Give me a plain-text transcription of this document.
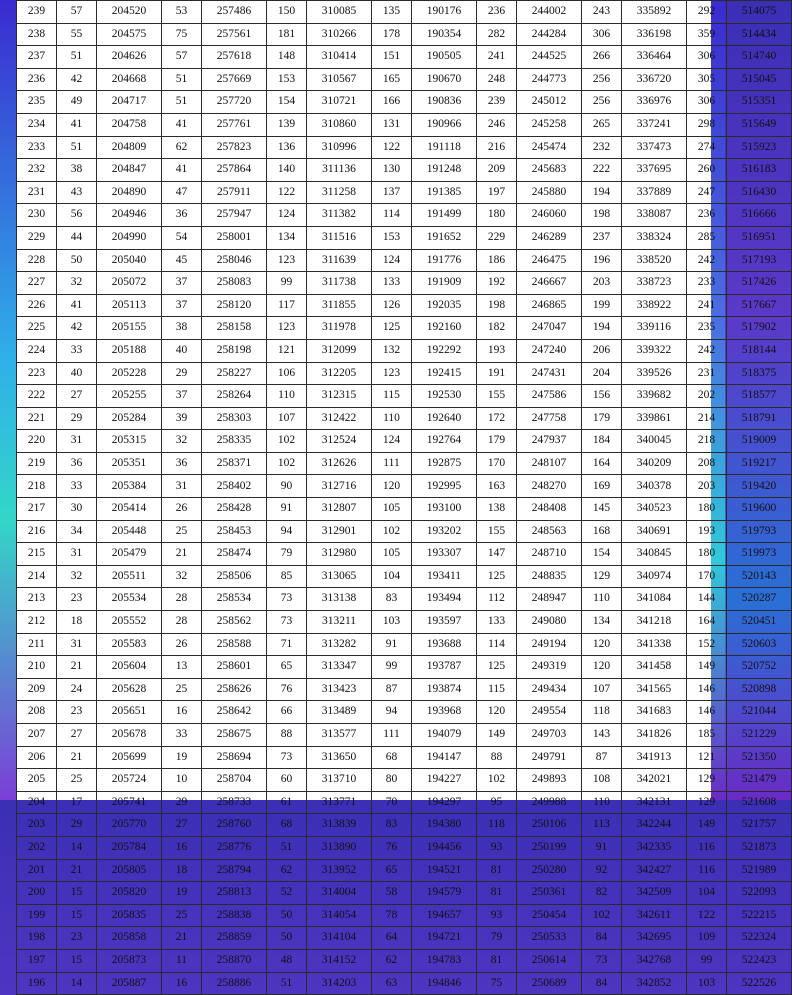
239	57	204520	53	257486	150	310085	135	190176	236	244002	243	335892	292	514075
238	55	204575	75	257561	181	310266	178	190354	282	244284	306	336198	359	514434
237	51	204626	57	257618	148	310414	151	190505	241	244525	266	336464	306	514740
236	42	204668	51	257669	153	310567	165	190670	248	244773	256	336720	305	515045
235	49	204717	51	257720	154	310721	166	190836	239	245012	256	336976	306	515351
234	41	204758	41	257761	139	310860	131	190966	246	245258	265	337241	298	515649
233	51	204809	62	257823	136	310996	122	191118	216	245474	232	337473	274	515923
232	38	204847	41	257864	140	311136	130	191248	209	245683	222	337695	260	516183
231	43	204890	47	257911	122	311258	137	191385	197	245880	194	337889	247	516430
230	56	204946	36	257947	124	311382	114	191499	180	246060	198	338087	236	516666
229	44	204990	54	258001	134	311516	153	191652	229	246289	237	338324	285	516951
228	50	205040	45	258046	123	311639	124	191776	186	246475	196	338520	242	517193
227	32	205072	37	258083	99	311738	133	191909	192	246667	203	338723	233	517426
226	41	205113	37	258120	117	311855	126	192035	198	246865	199	338922	241	517667
225	42	205155	38	258158	123	311978	125	192160	182	247047	194	339116	235	517902
224	33	205188	40	258198	121	312099	132	192292	193	247240	206	339322	242	518144
223	40	205228	29	258227	106	312205	123	192415	191	247431	204	339526	231	518375
222	27	205255	37	258264	110	312315	115	192530	155	247586	156	339682	202	518577
221	29	205284	39	258303	107	312422	110	192640	172	247758	179	339861	214	518791
220	31	205315	32	258335	102	312524	124	192764	179	247937	184	340045	218	519009
219	36	205351	36	258371	102	312626	111	192875	170	248107	164	340209	208	519217
218	33	205384	31	258402	90	312716	120	192995	163	248270	169	340378	203	519420
217	30	205414	26	258428	91	312807	105	193100	138	248408	145	340523	180	519600
216	34	205448	25	258453	94	312901	102	193202	155	248563	168	340691	193	519793
215	31	205479	21	258474	79	312980	105	193307	147	248710	154	340845	180	519973
214	32	205511	32	258506	85	313065	104	193411	125	248835	129	340974	170	520143
213	23	205534	28	258534	73	313138	83	193494	112	248947	110	341084	144	520287
212	18	205552	28	258562	73	313211	103	193597	133	249080	134	341218	164	520451
211	31	205583	26	258588	71	313282	91	193688	114	249194	120	341338	152	520603
210	21	205604	13	258601	65	313347	99	193787	125	249319	120	341458	149	520752
209	24	205628	25	258626	76	313423	87	193874	115	249434	107	341565	146	520898
208	23	205651	16	258642	66	313489	94	193968	120	249554	118	341683	146	521044
207	27	205678	33	258675	88	313577	111	194079	149	249703	143	341826	185	521229
206	21	205699	19	258694	73	313650	68	194147	88	249791	87	341913	121	521350
205	25	205724	10	258704	60	313710	80	194227	102	249893	108	342021	129	521479
204	17	205741	29	258733	61	313771	70	194297	95	249988	110	342131	129	521608
203	29	205770	27	258760	68	313839	83	194380	118	250106	113	342244	149	521757
202	14	205784	16	258776	51	313890	76	194456	93	250199	91	342335	116	521873
201	21	205805	18	258794	62	313952	65	194521	81	250280	92	342427	116	521989
200	15	205820	19	258813	52	314004	58	194579	81	250361	82	342509	104	522093
199	15	205835	25	258838	50	314054	78	194657	93	250454	102	342611	122	522215
198	23	205858	21	258859	50	314104	64	194721	79	250533	84	342695	109	522324
197	15	205873	11	258870	48	314152	62	194783	81	250614	73	342768	99	522423
196	14	205887	16	258886	51	314203	63	194846	75	250689	84	342852	103	522526
